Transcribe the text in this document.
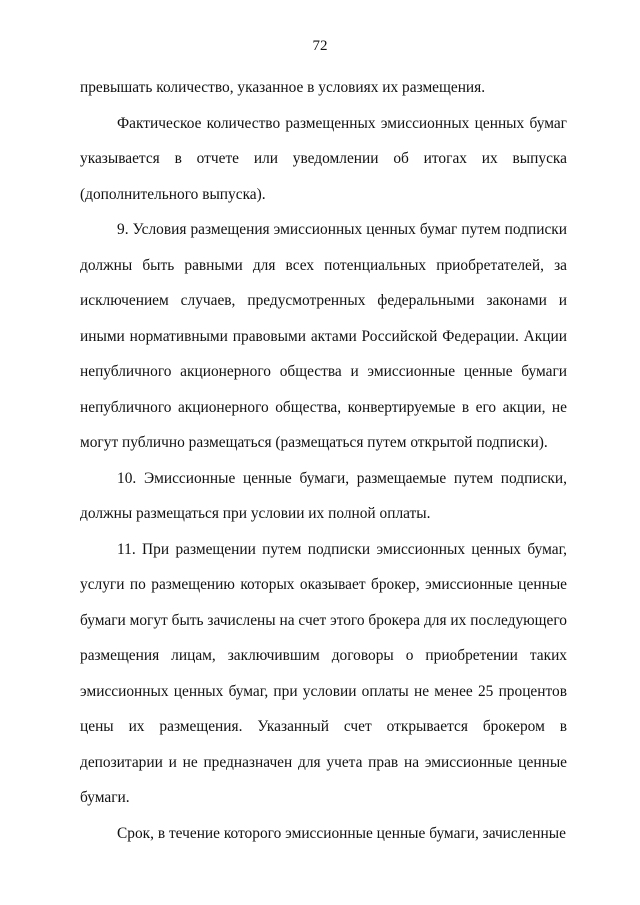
72

превышать количество, указанное в условиях их размещения.

Фактическое количество размещенных эмиссионных ценных бумаг указывается в отчете или уведомлении об итогах их выпуска (дополнительного выпуска).

9. Условия размещения эмиссионных ценных бумаг путем подписки должны быть равными для всех потенциальных приобретателей, за исключением случаев, предусмотренных федеральными законами и иными нормативными правовыми актами Российской Федерации. Акции непубличного акционерного общества и эмиссионные ценные бумаги непубличного акционерного общества, конвертируемые в его акции, не могут публично размещаться (размещаться путем открытой подписки).

10. Эмиссионные ценные бумаги, размещаемые путем подписки, должны размещаться при условии их полной оплаты.

11. При размещении путем подписки эмиссионных ценных бумаг, услуги по размещению которых оказывает брокер, эмиссионные ценные бумаги могут быть зачислены на счет этого брокера для их последующего размещения лицам, заключившим договоры о приобретении таких эмиссионных ценных бумаг, при условии оплаты не менее 25 процентов цены их размещения. Указанный счет открывается брокером в депозитарии и не предназначен для учета прав на эмиссионные ценные бумаги.

Срок, в течение которого эмиссионные ценные бумаги, зачисленные
